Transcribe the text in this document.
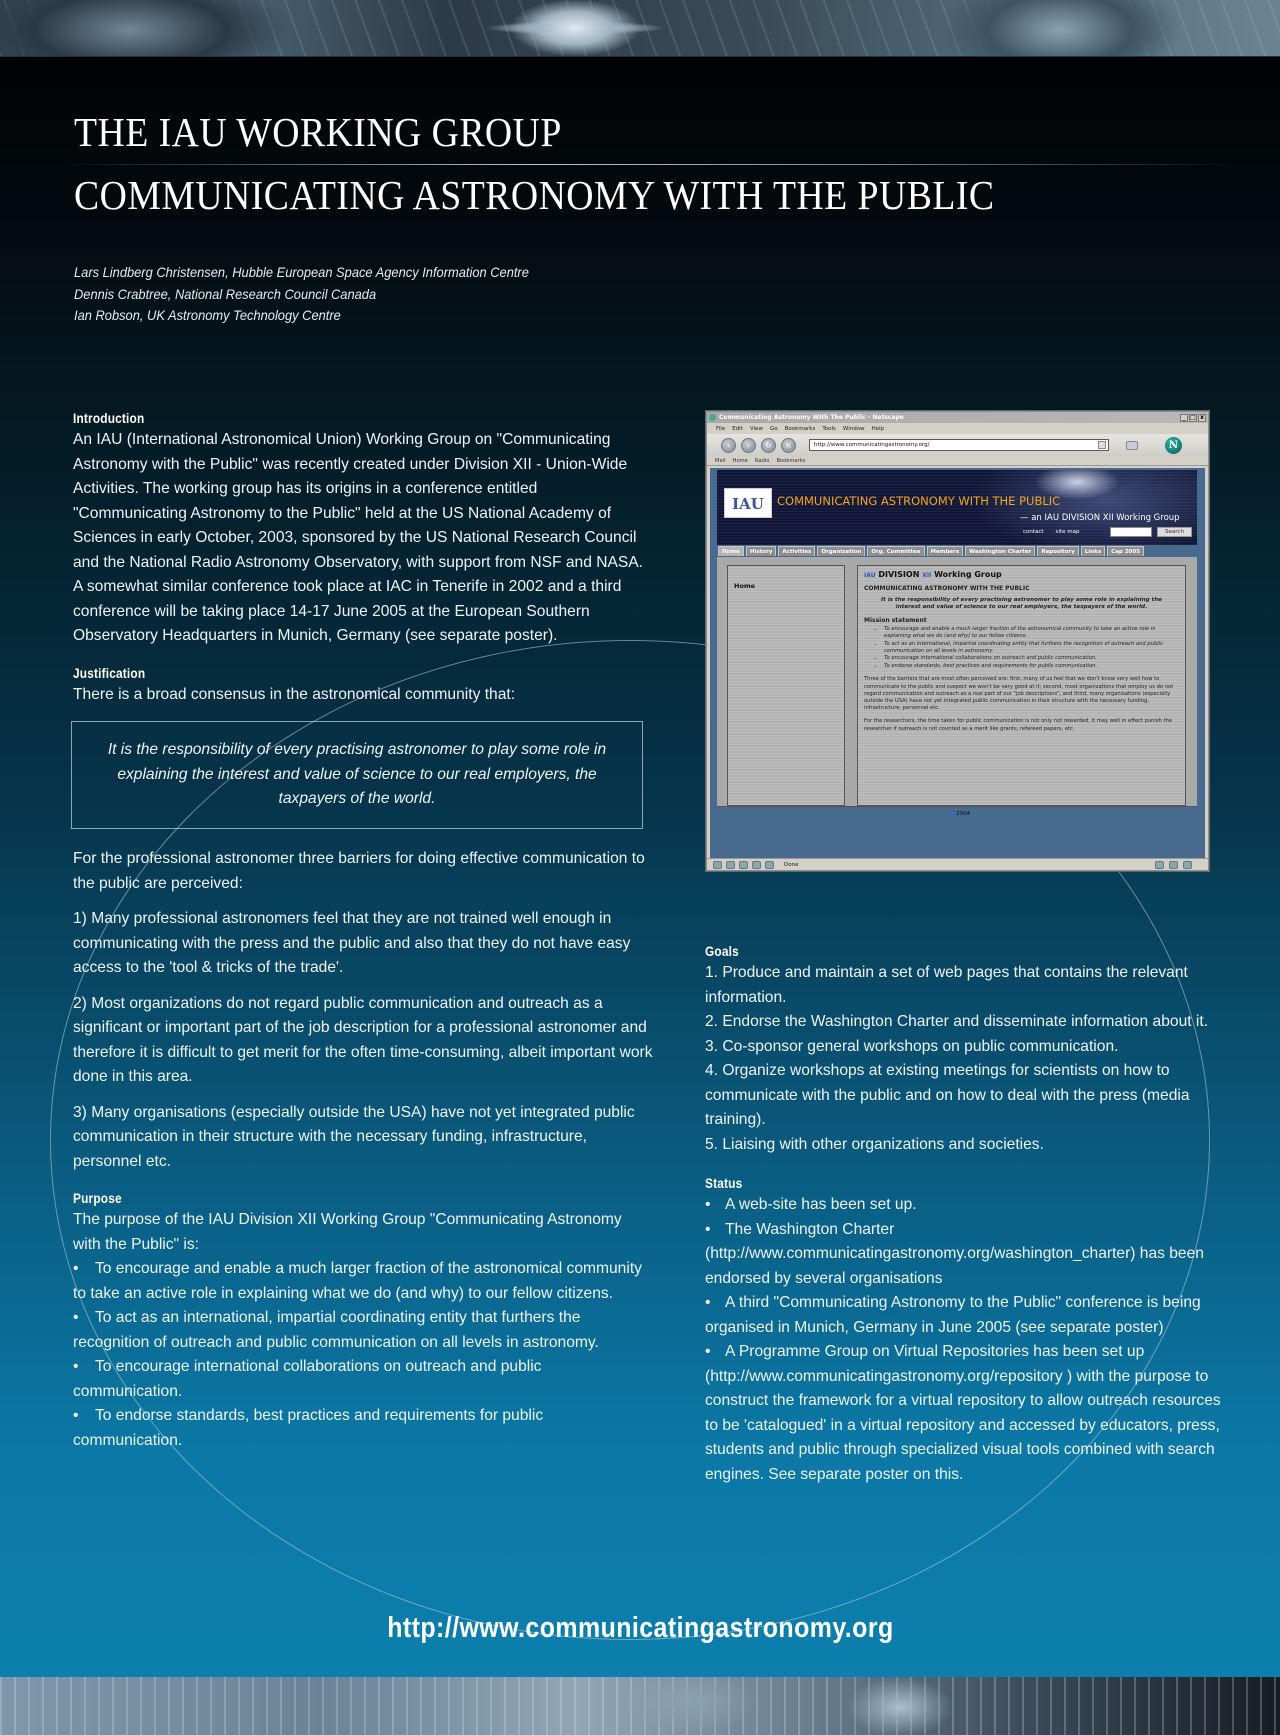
THE IAU WORKING GROUP
COMMUNICATING ASTRONOMY WITH THE PUBLIC
Lars Lindberg Christensen, Hubble European Space Agency Information Centre
Dennis Crabtree, National Research Council Canada
Ian Robson, UK Astronomy Technology Centre
Introduction
An IAU (International Astronomical Union) Working Group on "Communicating Astronomy with the Public" was recently created under Division XII - Union-Wide Activities. The working group has its origins in a conference entitled "Communicating Astronomy to the Public" held at the US National Academy of Sciences in early October, 2003, sponsored by the US National Research Council and the National Radio Astronomy Observatory, with support from NSF and NASA. A somewhat similar conference took place at IAC in Tenerife in 2002 and a third conference will be taking place 14-17 June 2005 at the European Southern Observatory Headquarters in Munich, Germany (see separate poster).
Justification
There is a broad consensus in the astronomical community that:
It is the responsibility of every practising astronomer to play some role in explaining the interest and value of science to our real employers, the taxpayers of the world.
For the professional astronomer three barriers for doing effective communication to the public are perceived:
1) Many professional astronomers feel that they are not trained well enough in communicating with the press and the public and also that they do not have easy access to the 'tool & tricks of the trade'.
2) Most organizations do not regard public communication and outreach as a significant or important part of the job description for a professional astronomer and therefore it is difficult to get merit for the often time-consuming, albeit important work done in this area.
3) Many organisations (especially outside the USA) have not yet integrated public communication in their structure with the necessary funding, infrastructure, personnel etc.
Purpose
The purpose of the IAU Division XII Working Group "Communicating Astronomy with the Public" is:
• To encourage and enable a much larger fraction of the astronomical community to take an active role in explaining what we do (and why) to our fellow citizens.
• To act as an international, impartial coordinating entity that furthers the recognition of outreach and public communication on all levels in astronomy.
• To encourage international collaborations on outreach and public communication.
• To endorse standards, best practices and requirements for public communication.
Communicating Astronomy With The Public - Netscape	_ □ x
File Edit View Go Bookmarks Tools Window Help
‹	›	↻	×	http://www.communicatingastronomy.org/	N
Mail Home Radio Bookmarks
IAU	COMMUNICATING ASTRONOMY WITH THE PUBLIC
— an IAU DIVISION XII Working Group
contact site map	Search
Home	History	Activities	Organization	Org. Committee	Members	Washington Charter	Repository	Links	Cap 2005
Home
IAU DIVISION XII Working Group
COMMUNICATING ASTRONOMY WITH THE PUBLIC
It is the responsibility of every practising astronomer to play some role in explaining the interest and value of science to our real employers, the taxpayers of the world.
Mission statement
• To encourage and enable a much larger fraction of the astronomical community to take an active role in explaining what we do (and why) to our fellow citizens.
• To act as an international, impartial coordinating entity that furthers the recognition of outreach and public communication on all levels in astronomy.
• To encourage international collaborations on outreach and public communication.
• To endorse standards, best practices and requirements for public communication.
Three of the barriers that are most often perceived are: first, many of us feel that we don't know very well how to communicate to the public and suspect we won't be very good at it; second, most organizations that employ us do not regard communication and outreach as a real part of our "job descriptions", and third, many organisations (especially outside the USA) have not yet integrated public communication in their structure with the necessary funding, infrastructure, personnel etc.
For the researchers, the time taken for public communication is not only not rewarded, it may well in effect punish the researcher if outreach is not counted as a merit like grants, refereed papers, etc.
IAU 2004
Done
Goals
1. Produce and maintain a set of web pages that contains the relevant information.
2. Endorse the Washington Charter and disseminate information about it.
3. Co-sponsor general workshops on public communication.
4. Organize workshops at existing meetings for scientists on how to communicate with the public and on how to deal with the press (media training).
5. Liaising with other organizations and societies.
Status
• A web-site has been set up.
• The Washington Charter (http://www.communicatingastronomy.org/washington_charter) has been endorsed by several organisations
• A third "Communicating Astronomy to the Public" conference is being organised in Munich, Germany in June 2005 (see separate poster)
• A Programme Group on Virtual Repositories has been set up (http://www.communicatingastronomy.org/repository ) with the purpose to construct the framework for a virtual repository to allow outreach resources to be 'catalogued' in a virtual repository and accessed by educators, press, students and public through specialized visual tools combined with search engines. See separate poster on this.
http://www.communicatingastronomy.org
